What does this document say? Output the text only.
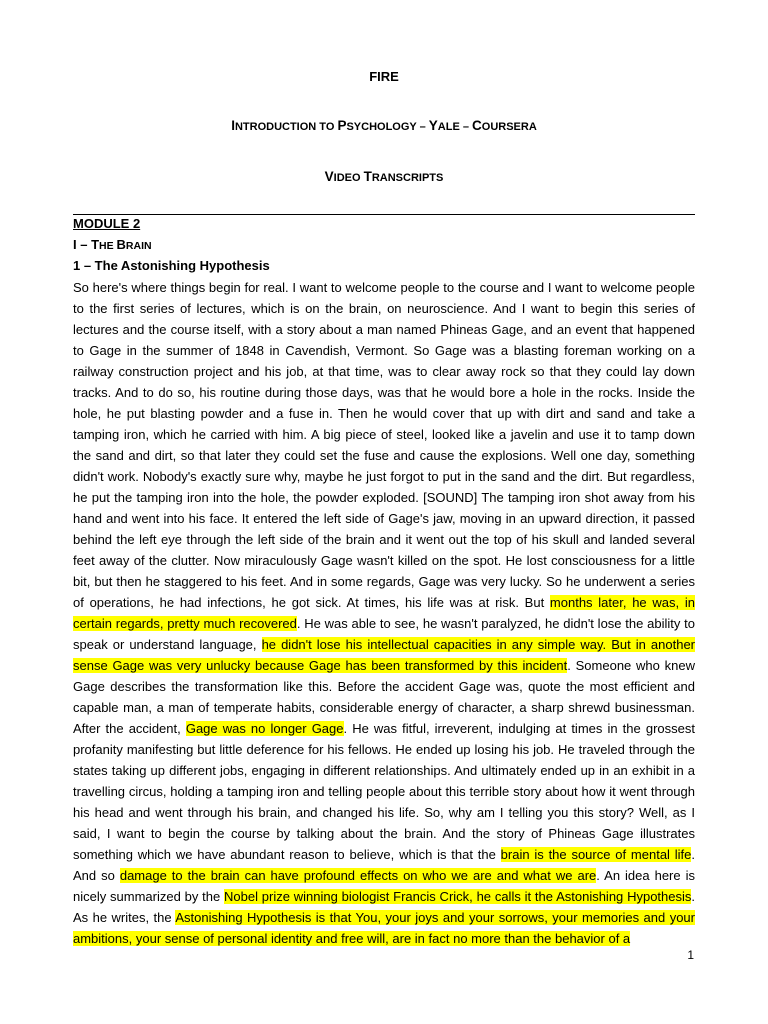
FIRE
INTRODUCTION TO PSYCHOLOGY – YALE – COURSERA
VIDEO TRANSCRIPTS
MODULE 2
I – THE BRAIN
1 – The Astonishing Hypothesis

So here's where things begin for real. I want to welcome people to the course and I want to welcome people to the first series of lectures, which is on the brain, on neuroscience. And I want to begin this series of lectures and the course itself, with a story about a man named Phineas Gage, and an event that happened to Gage in the summer of 1848 in Cavendish, Vermont. So Gage was a blasting foreman working on a railway construction project and his job, at that time, was to clear away rock so that they could lay down tracks. And to do so, his routine during those days, was that he would bore a hole in the rocks. Inside the hole, he put blasting powder and a fuse in. Then he would cover that up with dirt and sand and take a tamping iron, which he carried with him. A big piece of steel, looked like a javelin and use it to tamp down the sand and dirt, so that later they could set the fuse and cause the explosions. Well one day, something didn't work. Nobody's exactly sure why, maybe he just forgot to put in the sand and the dirt. But regardless, he put the tamping iron into the hole, the powder exploded. [SOUND] The tamping iron shot away from his hand and went into his face. It entered the left side of Gage's jaw, moving in an upward direction, it passed behind the left eye through the left side of the brain and it went out the top of his skull and landed several feet away of the clutter. Now miraculously Gage wasn't killed on the spot. He lost consciousness for a little bit, but then he staggered to his feet. And in some regards, Gage was very lucky. So he underwent a series of operations, he had infections, he got sick. At times, his life was at risk. But months later, he was, in certain regards, pretty much recovered. He was able to see, he wasn't paralyzed, he didn't lose the ability to speak or understand language, he didn't lose his intellectual capacities in any simple way. But in another sense Gage was very unlucky because Gage has been transformed by this incident. Someone who knew Gage describes the transformation like this. Before the accident Gage was, quote the most efficient and capable man, a man of temperate habits, considerable energy of character, a sharp shrewd businessman. After the accident, Gage was no longer Gage. He was fitful, irreverent, indulging at times in the grossest profanity manifesting but little deference for his fellows. He ended up losing his job. He traveled through the states taking up different jobs, engaging in different relationships. And ultimately ended up in an exhibit in a travelling circus, holding a tamping iron and telling people about this terrible story about how it went through his head and went through his brain, and changed his life. So, why am I telling you this story? Well, as I said, I want to begin the course by talking about the brain. And the story of Phineas Gage illustrates something which we have abundant reason to believe, which is that the brain is the source of mental life. And so damage to the brain can have profound effects on who we are and what we are. An idea here is nicely summarized by the Nobel prize winning biologist Francis Crick, he calls it the Astonishing Hypothesis. As he writes, the Astonishing Hypothesis is that You, your joys and your sorrows, your memories and your ambitions, your sense of personal identity and free will, are in fact no more than the behavior of a

1
